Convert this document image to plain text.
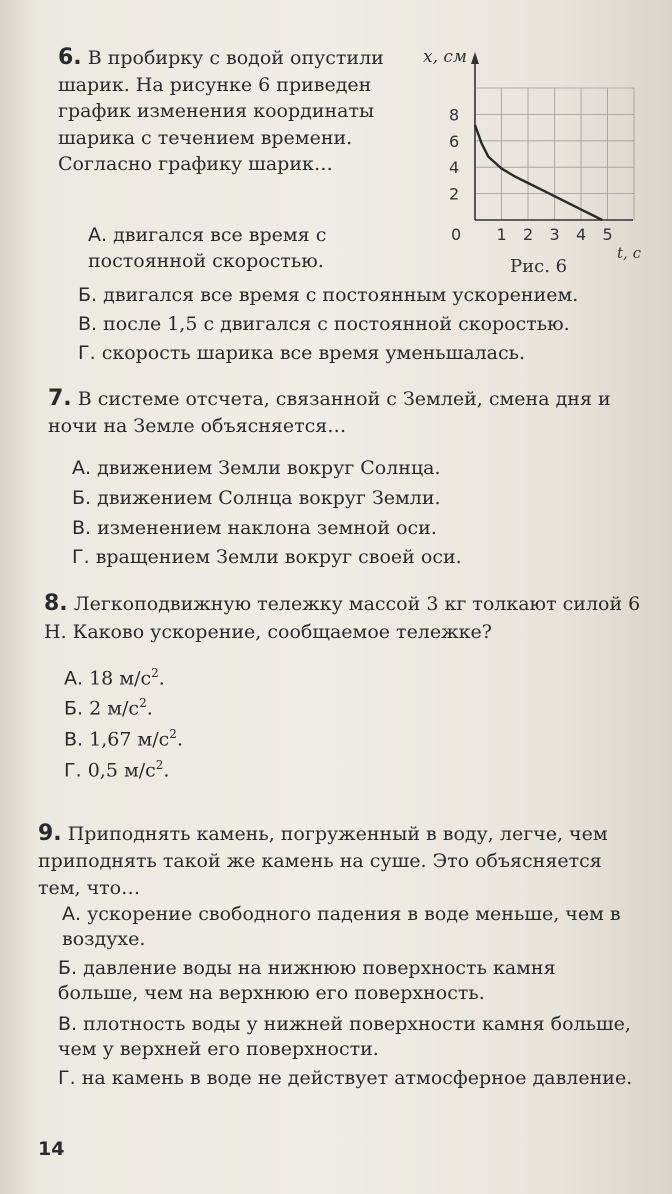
6. В пробирку с водой опустили шарик. На рисунке 6 приведен график изменения координаты шарика с течением времени. Согласно графику шарик…
0 1 2 3 4 5
2
4
6
8
x, см
t, c
Рис. 6
А. двигался все время с постоянной скоростью.
Б. двигался все время с постоянным ускорением.
В. после 1,5 с двигался с постоянной скоростью.
Г. скорость шарика все время уменьшалась.
7. В системе отсчета, связанной с Землей, смена дня и ночи на Земле объясняется…
А. движением Земли вокруг Солнца.
Б. движением Солнца вокруг Земли.
В. изменением наклона земной оси.
Г. вращением Земли вокруг своей оси.
8. Легкоподвижную тележку массой 3 кг толкают силой 6 Н. Каково ускорение, сообщаемое тележке?
А. 18 $м/с^2$.
Б. 2 $м/с^2$.
В. 1,67 $м/с^2$.
Г. 0,5 $м/с^2$.
9. Приподнять камень, погруженный в воду, легче, чем приподнять такой же камень на суше. Это объясняется тем, что…
А. ускорение свободного падения в воде меньше, чем в воздухе.
Б. давление воды на нижнюю поверхность камня больше, чем на верхнюю его поверхность.
В. плотность воды у нижней поверхности камня больше, чем у верхней его поверхности.
Г. на камень в воде не действует атмосферное давление.
14
